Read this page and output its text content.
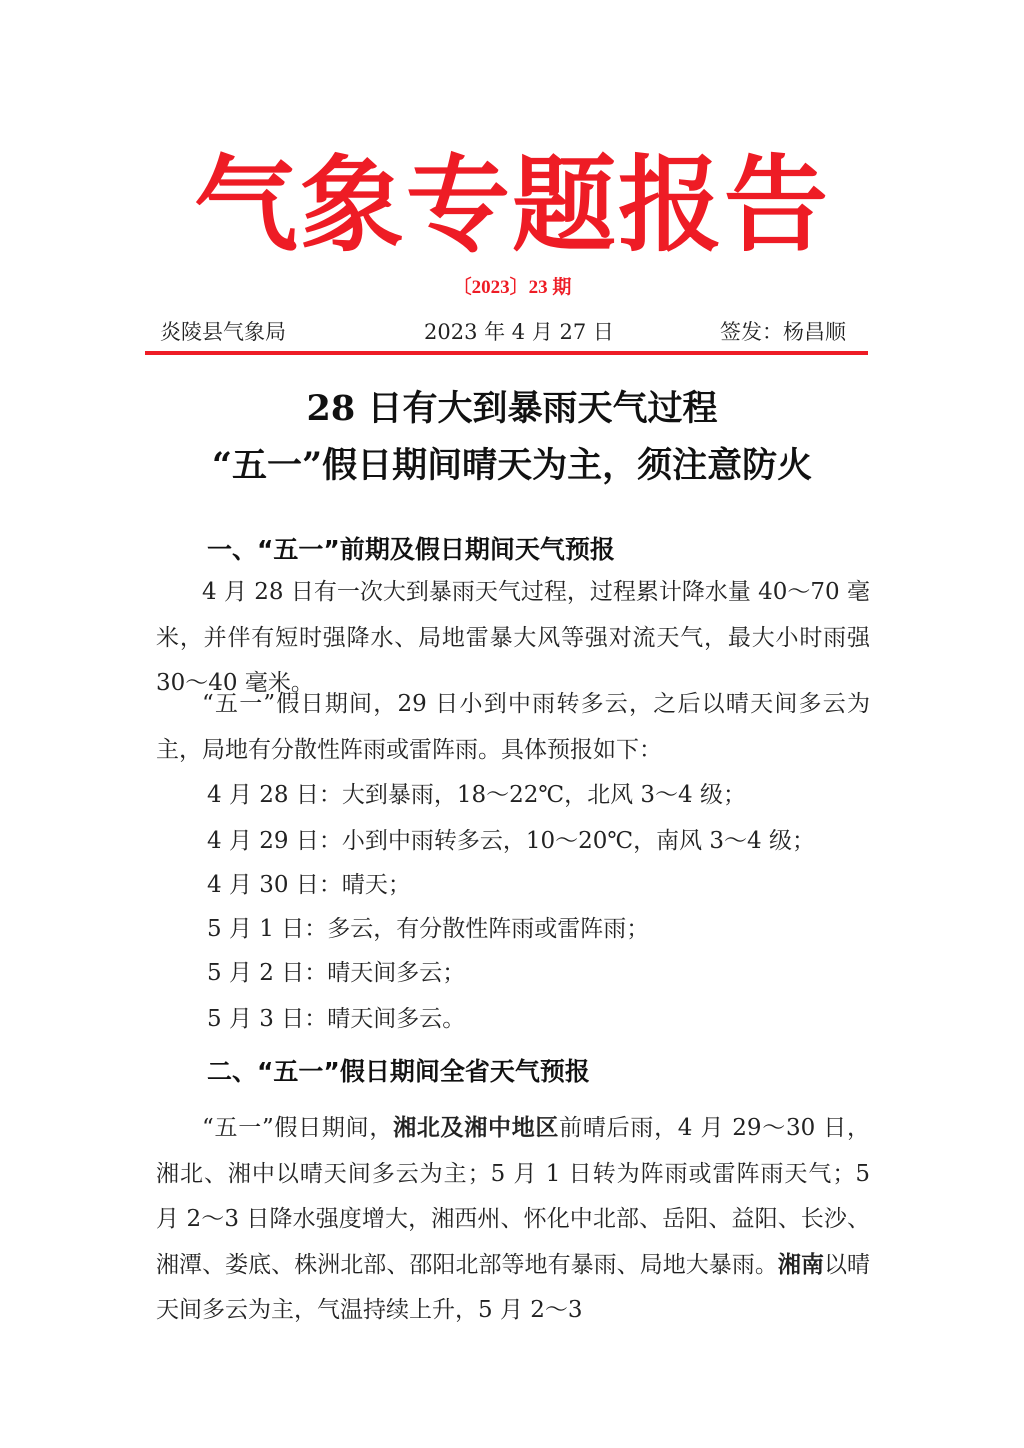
气象专题报告
〔2023〕23 期
炎陵县气象局	2023 年 4 月 27 日	签发：杨昌顺
28 日有大到暴雨天气过程
“五一”假日期间晴天为主，须注意防火
一、“五一”前期及假日期间天气预报

4 月 28 日有一次大到暴雨天气过程，过程累计降水量 40～70 毫米，并伴有短时强降水、局地雷暴大风等强对流天气，最大小时雨强 30～40 毫米。

“五一”假日期间，29 日小到中雨转多云，之后以晴天间多云为主，局地有分散性阵雨或雷阵雨。具体预报如下：

4 月 28 日：大到暴雨，18～22℃，北风 3～4 级；
4 月 29 日：小到中雨转多云，10～20℃，南风 3～4 级；
4 月 30 日：晴天；
5 月 1 日：多云，有分散性阵雨或雷阵雨；
5 月 2 日：晴天间多云；
5 月 3 日：晴天间多云。
二、“五一”假日期间全省天气预报

“五一”假日期间，湘北及湘中地区前晴后雨，4 月 29～30 日，湘北、湘中以晴天间多云为主；5 月 1 日转为阵雨或雷阵雨天气；5 月 2～3 日降水强度增大，湘西州、怀化中北部、岳阳、益阳、长沙、湘潭、娄底、株洲北部、邵阳北部等地有暴雨、局地大暴雨。湘南以晴天间多云为主，气温持续上升，5 月 2～3
